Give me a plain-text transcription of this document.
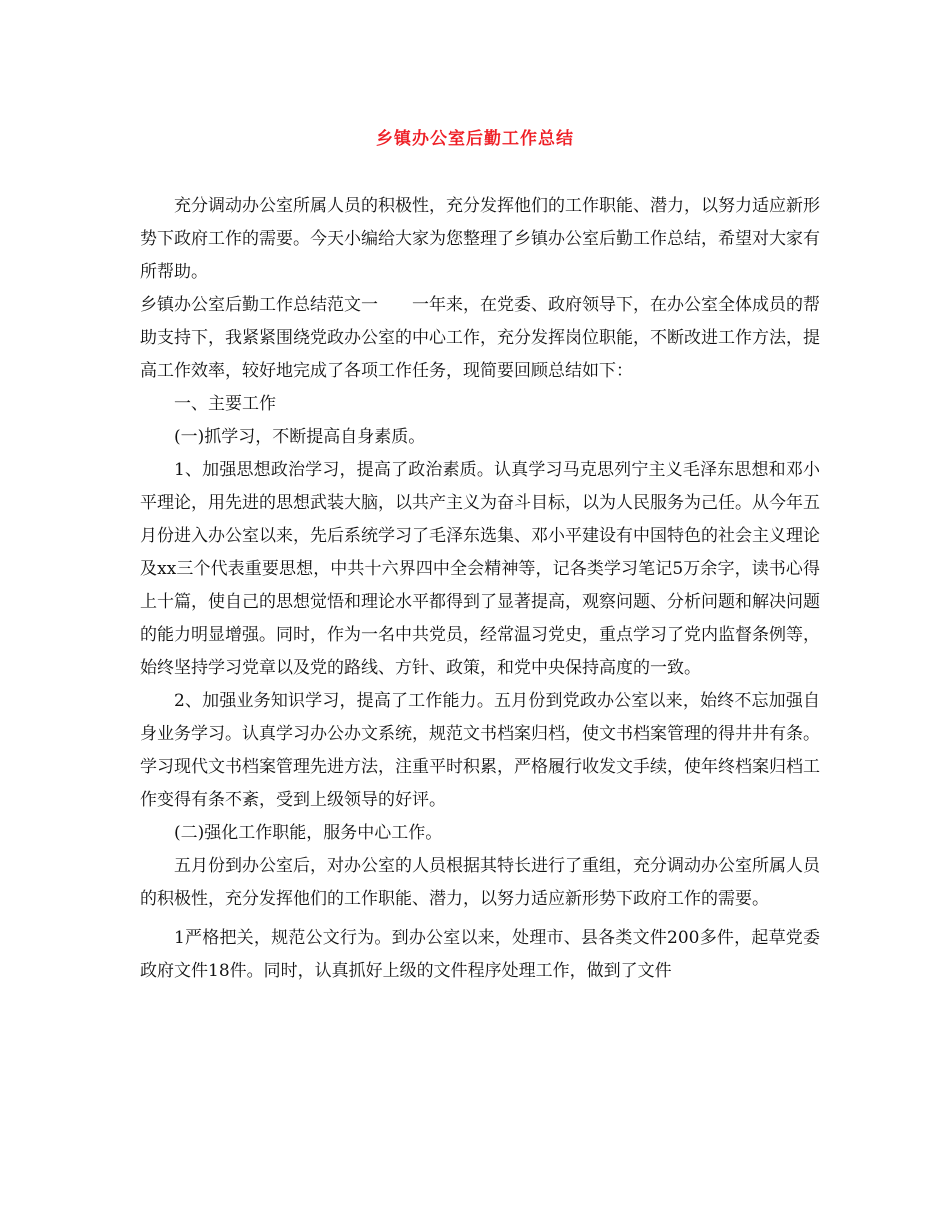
乡镇办公室后勤工作总结

充分调动办公室所属人员的积极性，充分发挥他们的工作职能、潜力，以努力适应新形势下政府工作的需要。今天小编给大家为您整理了乡镇办公室后勤工作总结，希望对大家有所帮助。

乡镇办公室后勤工作总结范文一　　一年来，在党委、政府领导下，在办公室全体成员的帮助支持下，我紧紧围绕党政办公室的中心工作，充分发挥岗位职能，不断改进工作方法，提高工作效率，较好地完成了各项工作任务，现简要回顾总结如下：

一、主要工作

(一)抓学习，不断提高自身素质。

1、加强思想政治学习，提高了政治素质。认真学习马克思列宁主义毛泽东思想和邓小平理论，用先进的思想武装大脑，以共产主义为奋斗目标，以为人民服务为己任。从今年五月份进入办公室以来，先后系统学习了毛泽东选集、邓小平建设有中国特色的社会主义理论及xx三个代表重要思想，中共十六界四中全会精神等，记各类学习笔记5万余字，读书心得上十篇，使自己的思想觉悟和理论水平都得到了显著提高，观察问题、分析问题和解决问题的能力明显增强。同时，作为一名中共党员，经常温习党史，重点学习了党内监督条例等，始终坚持学习党章以及党的路线、方针、政策，和党中央保持高度的一致。

2、加强业务知识学习，提高了工作能力。五月份到党政办公室以来，始终不忘加强自身业务学习。认真学习办公办文系统，规范文书档案归档，使文书档案管理的得井井有条。学习现代文书档案管理先进方法，注重平时积累，严格履行收发文手续，使年终档案归档工作变得有条不紊，受到上级领导的好评。

(二)强化工作职能，服务中心工作。

五月份到办公室后，对办公室的人员根据其特长进行了重组，充分调动办公室所属人员的积极性，充分发挥他们的工作职能、潜力，以努力适应新形势下政府工作的需要。

1严格把关，规范公文行为。到办公室以来，处理市、县各类文件200多件，起草党委政府文件18件。同时，认真抓好上级的文件程序处理工作，做到了文件
